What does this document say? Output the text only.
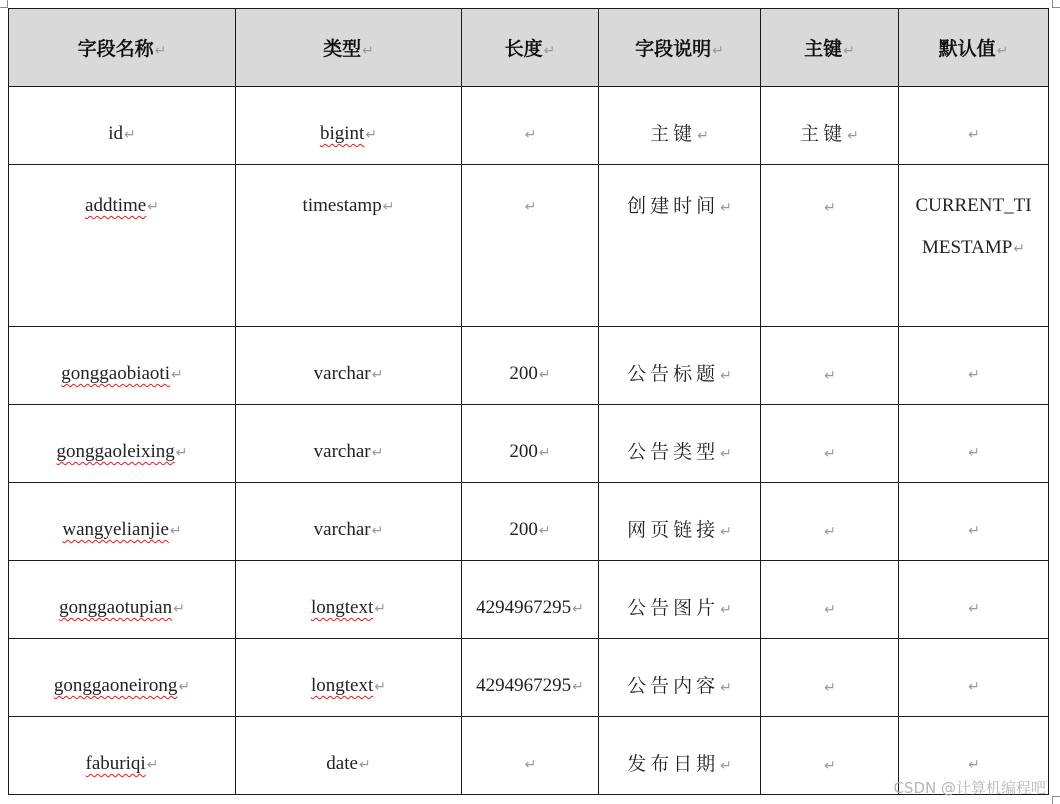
字段名称↵	类型↵	长度↵	字段说明↵	主键↵	默认值↵
id↵	bigint↵	↵	主键↵	主键↵	↵
addtime↵	timestamp↵	↵	创建时间↵	↵	CURRENT_TIMESTAMP↵
gonggaobiaoti↵	varchar↵	200↵	公告标题↵	↵	↵
gonggaoleixing↵	varchar↵	200↵	公告类型↵	↵	↵
wangyelianjie↵	varchar↵	200↵	网页链接↵	↵	↵
gonggaotupian↵	longtext↵	4294967295↵	公告图片↵	↵	↵
gonggaoneirong↵	longtext↵	4294967295↵	公告内容↵	↵	↵
faburiqi↵	date↵	↵	发布日期↵	↵	↵
CSDN @计算机编程吧
